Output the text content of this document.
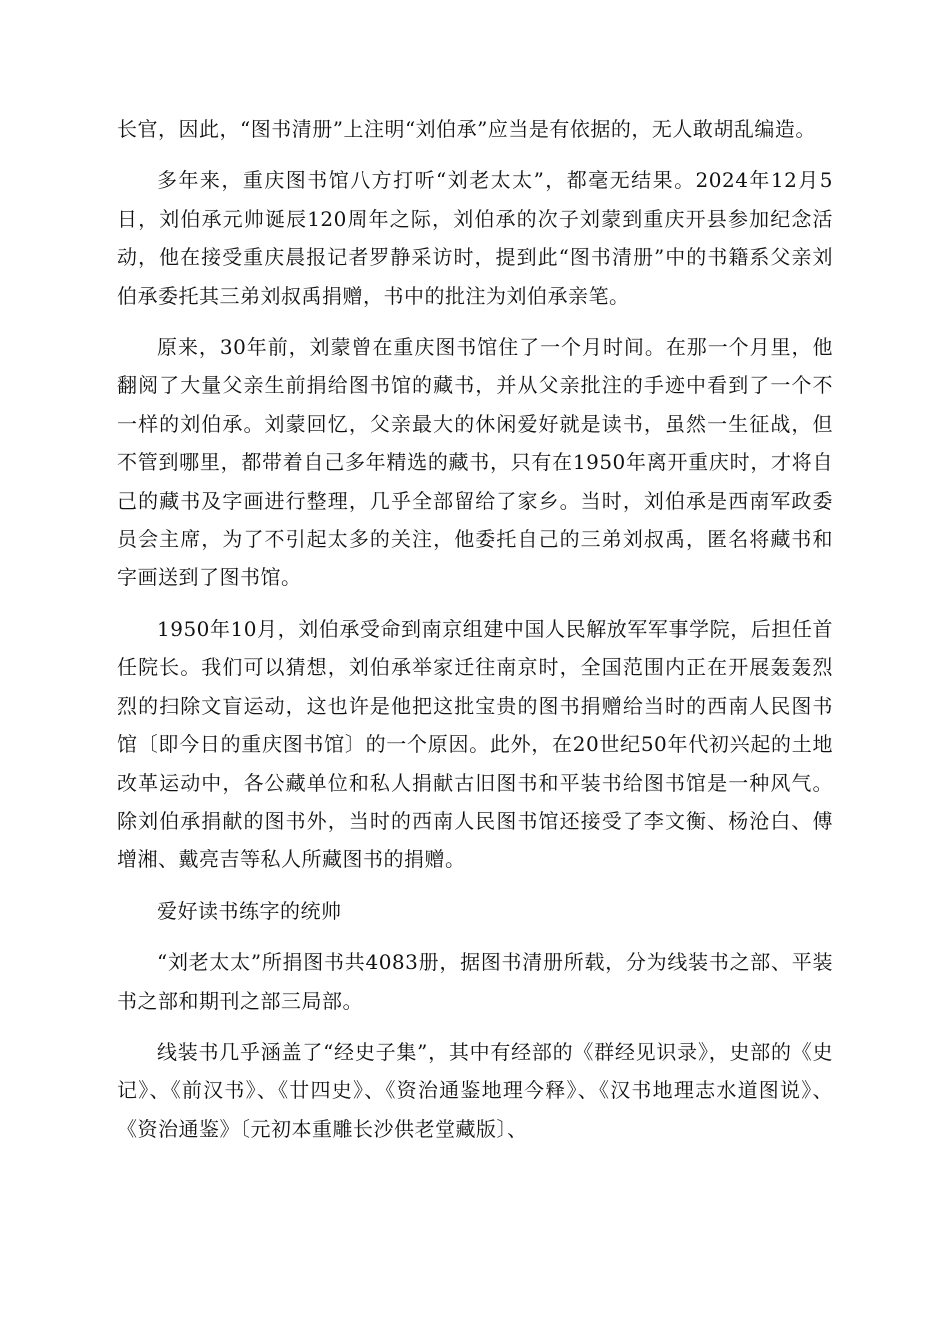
长官，因此，“图书清册”上注明“刘伯承”应当是有依据的，无人敢胡乱编造。

多年来，重庆图书馆八方打听“刘老太太”，都毫无结果。2024年12月5日，刘伯承元帅诞辰120周年之际，刘伯承的次子刘蒙到重庆开县参加纪念活动，他在接受重庆晨报记者罗静采访时，提到此“图书清册”中的书籍系父亲刘伯承委托其三弟刘叔禹捐赠，书中的批注为刘伯承亲笔。

原来，30年前，刘蒙曾在重庆图书馆住了一个月时间。在那一个月里，他翻阅了大量父亲生前捐给图书馆的藏书，并从父亲批注的手迹中看到了一个不一样的刘伯承。刘蒙回忆，父亲最大的休闲爱好就是读书，虽然一生征战，但不管到哪里，都带着自己多年精选的藏书，只有在1950年离开重庆时，才将自己的藏书及字画进行整理，几乎全部留给了家乡。当时，刘伯承是西南军政委员会主席，为了不引起太多的关注，他委托自己的三弟刘叔禹，匿名将藏书和字画送到了图书馆。

1950年10月，刘伯承受命到南京组建中国人民解放军军事学院，后担任首任院长。我们可以猜想，刘伯承举家迁往南京时，全国范围内正在开展轰轰烈烈的扫除文盲运动，这也许是他把这批宝贵的图书捐赠给当时的西南人民图书馆〔即今日的重庆图书馆〕的一个原因。此外，在20世纪50年代初兴起的土地改革运动中，各公藏单位和私人捐献古旧图书和平装书给图书馆是一种风气。除刘伯承捐献的图书外，当时的西南人民图书馆还接受了李文衡、杨沧白、傅增湘、戴亮吉等私人所藏图书的捐赠。

爱好读书练字的统帅

“刘老太太”所捐图书共4083册，据图书清册所载，分为线装书之部、平装书之部和期刊之部三局部。

线装书几乎涵盖了“经史子集”，其中有经部的《群经见识录》，史部的《史记》、《前汉书》、《廿四史》、《资治通鉴地理今释》、《汉书地理志水道图说》、《资治通鉴》〔元初本重雕长沙供老堂藏版〕、
